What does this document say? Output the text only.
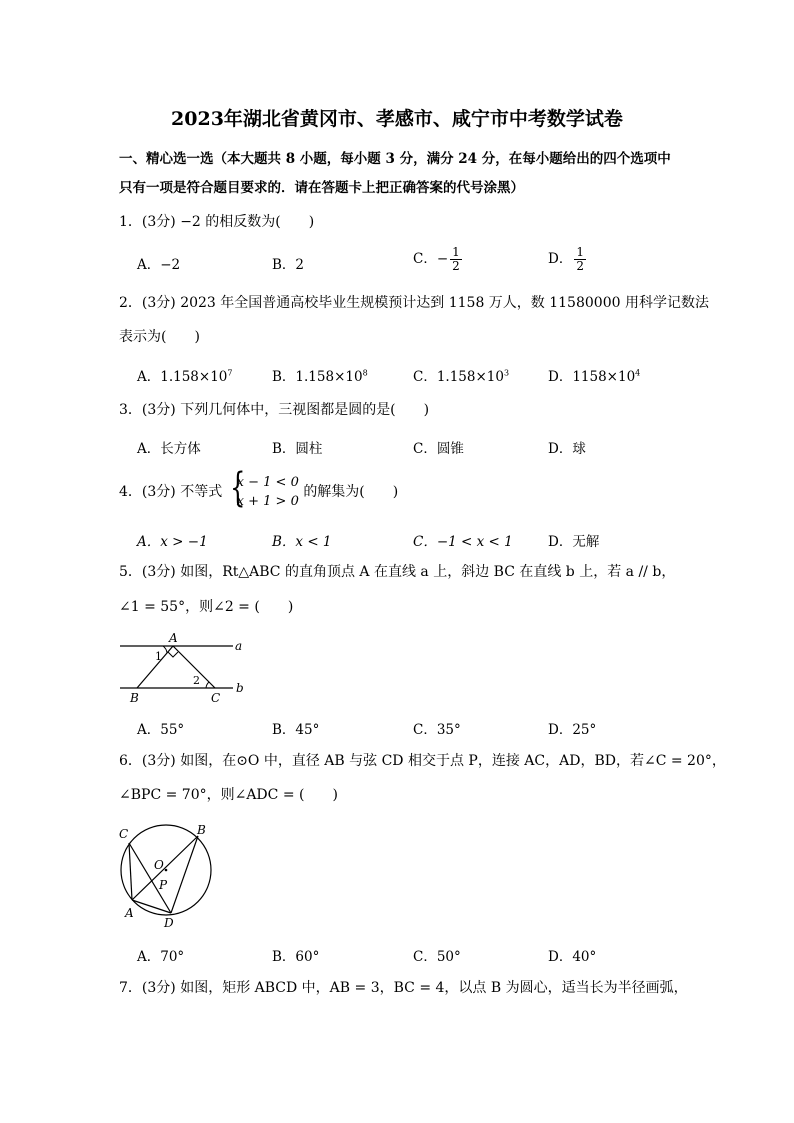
2023年湖北省黄冈市、孝感市、咸宁市中考数学试卷
一、精心选一选（本大题共 8 小题，每小题 3 分，满分 24 分，在每小题给出的四个选项中
只有一项是符合题目要求的．请在答题卡上把正确答案的代号涂黑）
1．(3分) −2 的相反数为(　　)
A．−2	B．2	C．− $\frac{1}{2}$	D． $\frac{1}{2}$
2．(3分) 2023 年全国普通高校毕业生规模预计达到 1158 万人，数 11580000 用科学记数法
表示为(　　)
A．$1.158\times 10^7$	B．$1.158\times 10^8$	C．$1.158\times 10^3$	D．$1158\times 10^4$
3．(3分) 下列几何体中，三视图都是圆的是(　　)
A．长方体	B．圆柱	C．圆锥	D．球
4．(3分) 不等式
{ x − 1 < 0
x + 1 > 0
的解集为(　　)
A．x > −1	B．x < 1	C．−1 < x < 1	D．无解
5．(3分) 如图，Rt△ABC 的直角顶点 A 在直线 a 上，斜边 BC 在直线 b 上，若 a // b，
∠1 = 55°，则∠2 = (　　)
A
B	C
a
b
1
2
A．55°	B．45°	C．35°	D．25°
6．(3分) 如图，在⊙O 中，直径 AB 与弦 CD 相交于点 P，连接 AC，AD，BD，若∠C = 20°，
∠BPC = 70°，则∠ADC = (　　)
C	B
O
P
A
D
A．70°	B．60°	C．50°	D．40°
7．(3分) 如图，矩形 ABCD 中，AB = 3，BC = 4，以点 B 为圆心，适当长为半径画弧，
